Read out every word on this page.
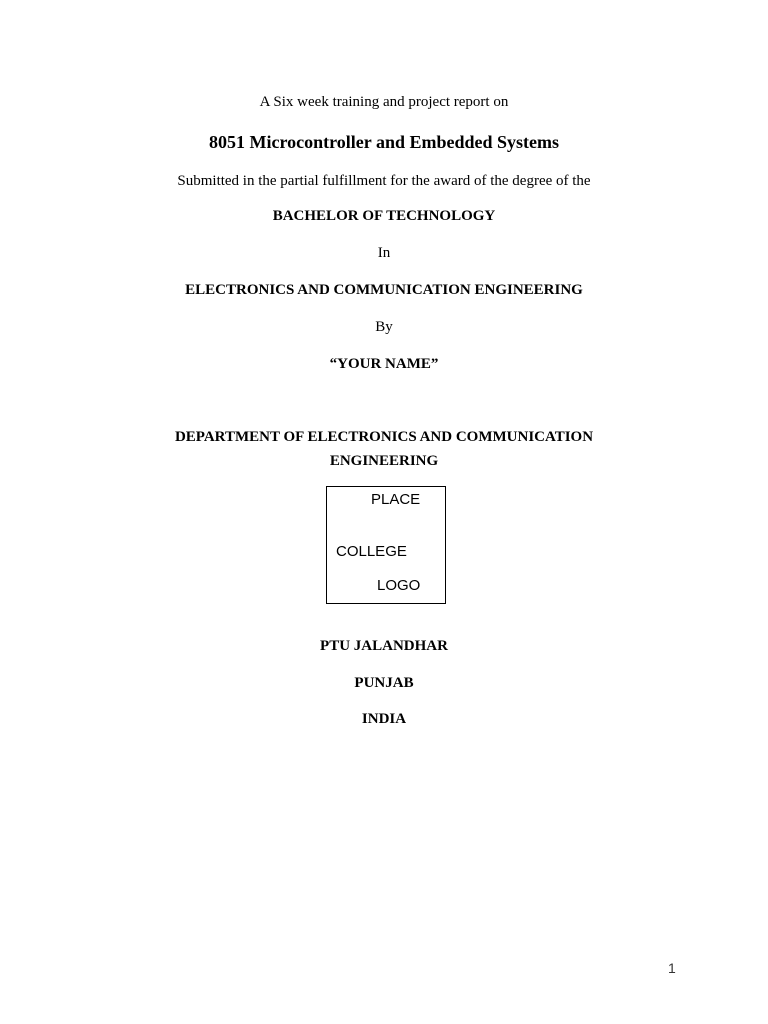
A Six week training and project report on
8051 Microcontroller and Embedded Systems
Submitted in the partial fulfillment for the award of the degree of the
BACHELOR OF TECHNOLOGY
In
ELECTRONICS AND COMMUNICATION ENGINEERING
By
“YOUR NAME”
DEPARTMENT OF ELECTRONICS AND COMMUNICATION
ENGINEERING
PLACE
COLLEGE
LOGO
PTU JALANDHAR
PUNJAB
INDIA
1
